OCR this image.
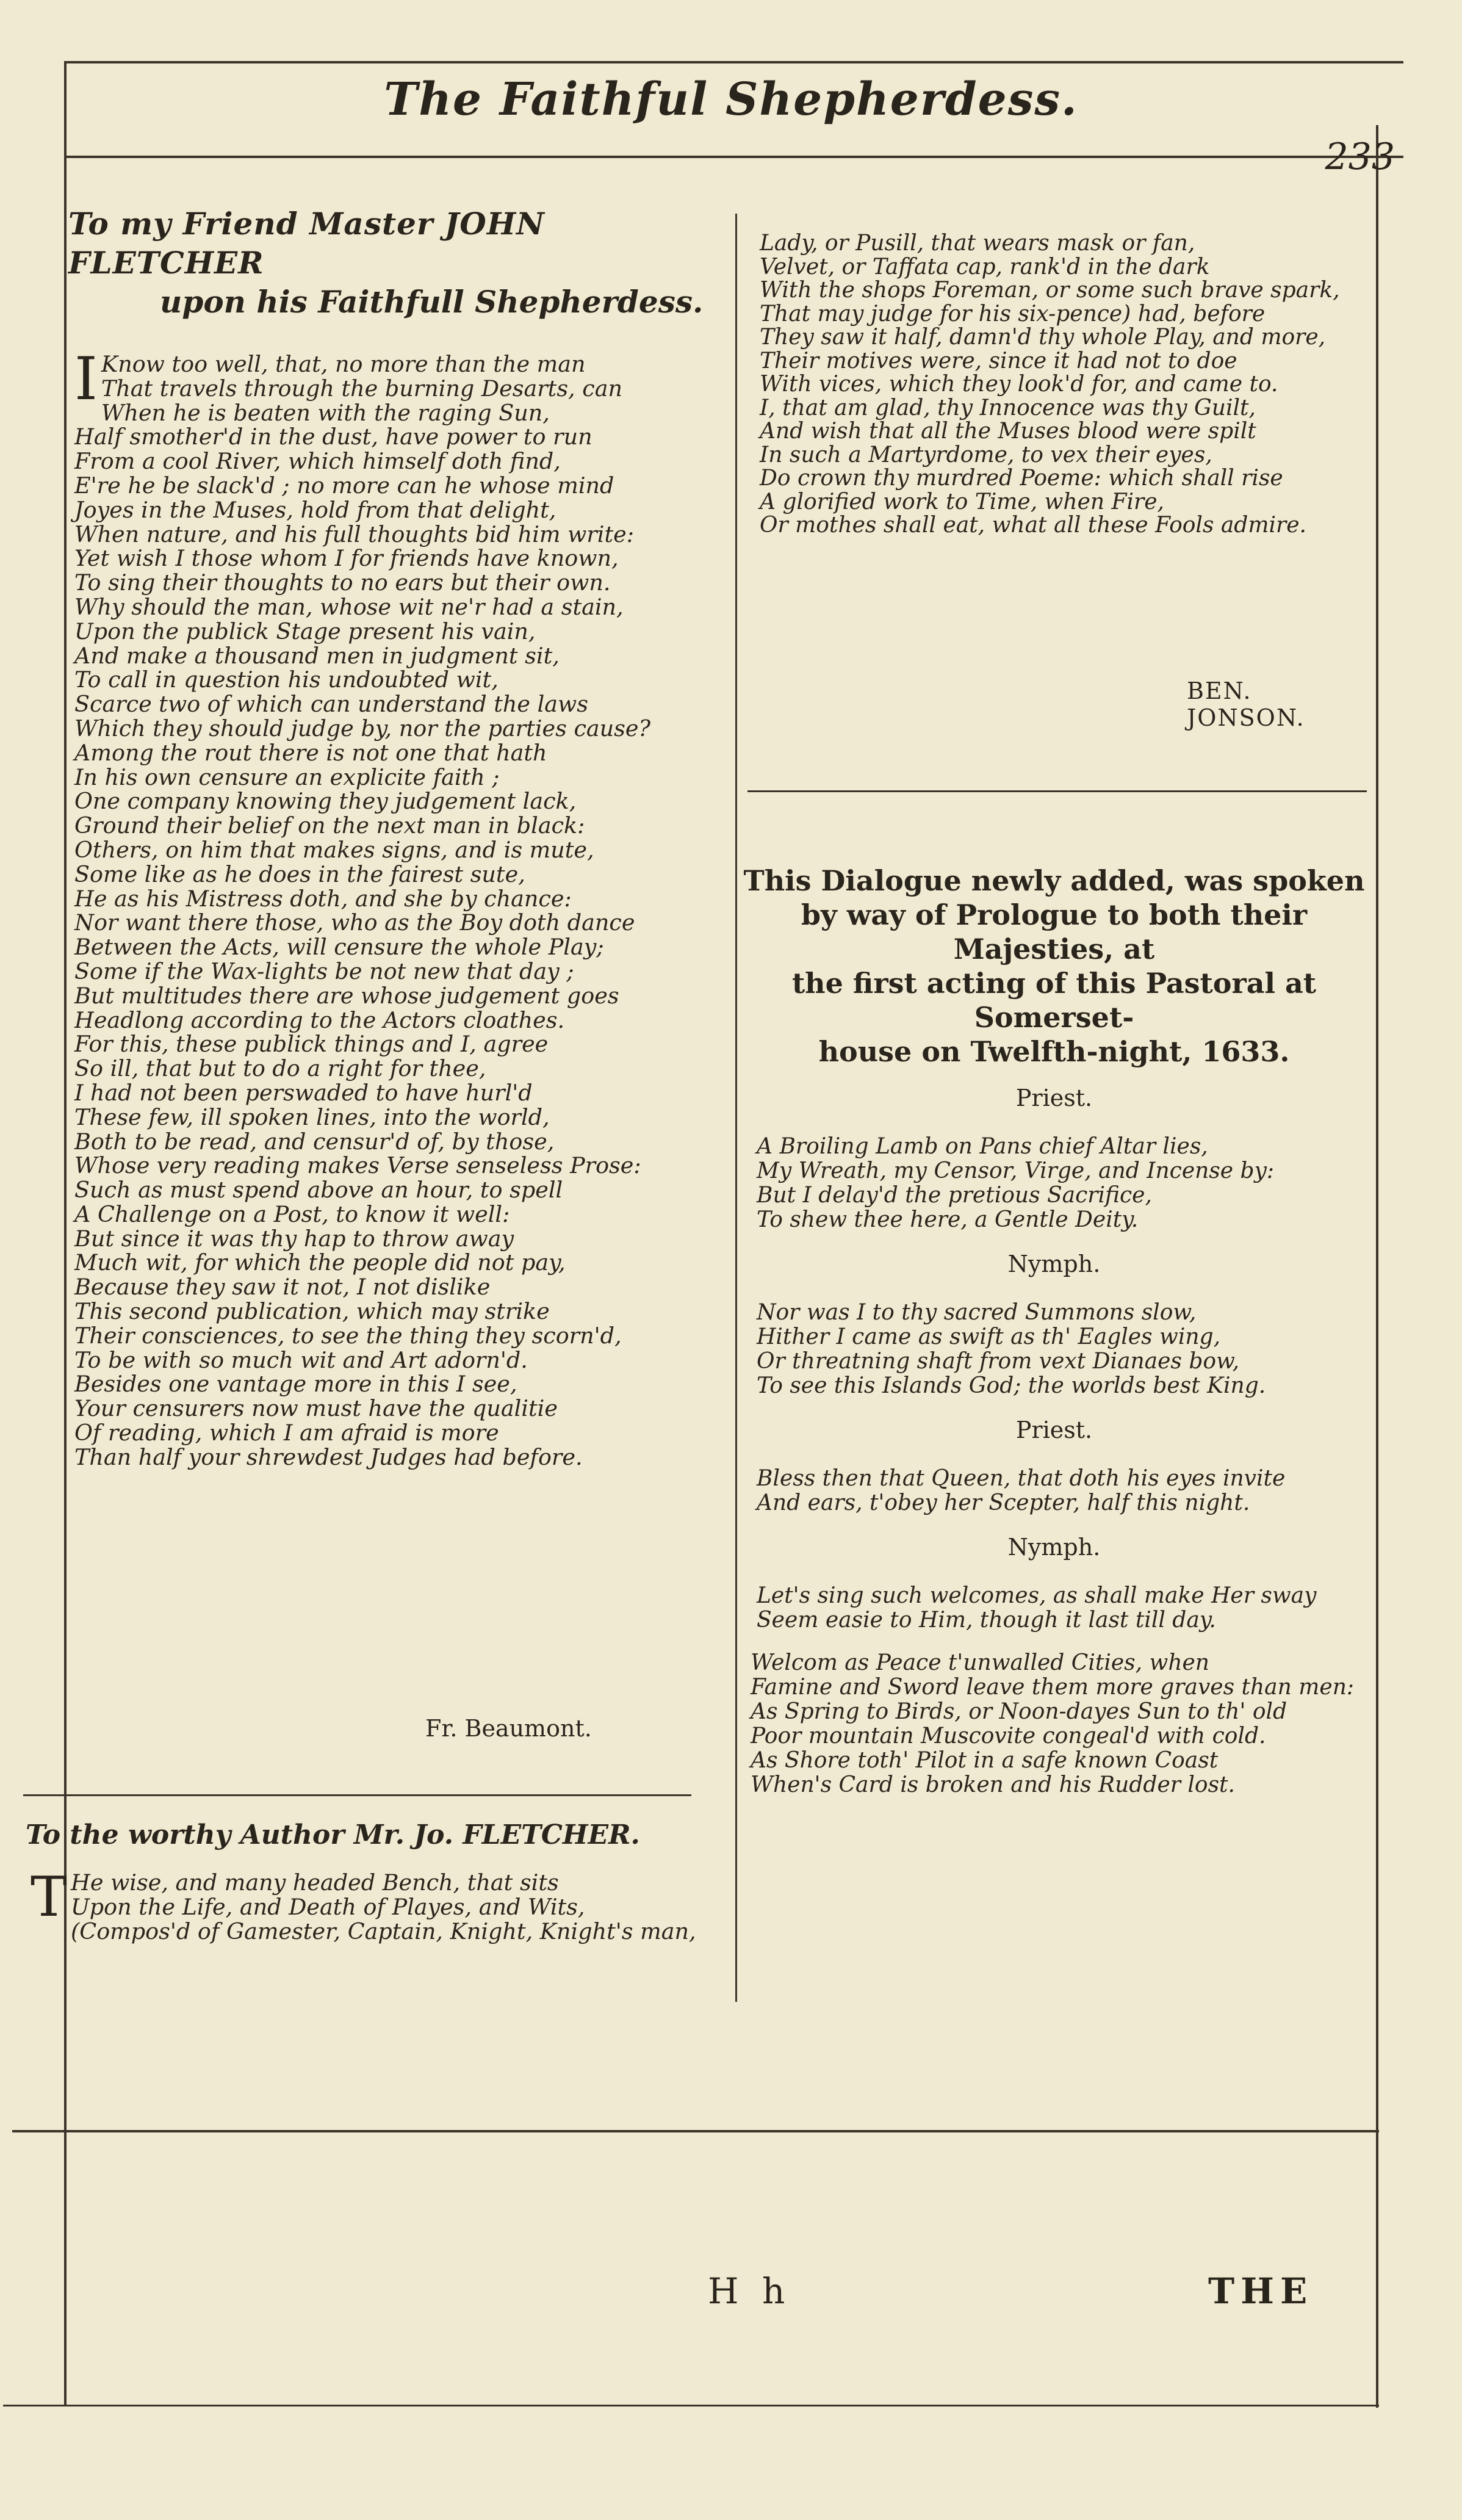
The Faithful Shepherdess.
233
To my Friend Master JOHN FLETCHER
upon his Faithfull Shepherdess.
I Know too well, that, no more than the man
That travels through the burning Desarts, can
When he is beaten with the raging Sun,
Half smother'd in the dust, have power to run
From a cool River, which himself doth find,
E're he be slack'd ; no more can he whose mind
Joyes in the Muses, hold from that delight,
When nature, and his full thoughts bid him write:
Yet wish I those whom I for friends have known,
To sing their thoughts to no ears but their own.
Why should the man, whose wit ne'r had a stain,
Upon the publick Stage present his vain,
And make a thousand men in judgment sit,
To call in question his undoubted wit,
Scarce two of which can understand the laws
Which they should judge by, nor the parties cause?
Among the rout there is not one that hath
In his own censure an explicite faith ;
One company knowing they judgement lack,
Ground their belief on the next man in black:
Others, on him that makes signs, and is mute,
Some like as he does in the fairest sute,
He as his Mistress doth, and she by chance:
Nor want there those, who as the Boy doth dance
Between the Acts, will censure the whole Play;
Some if the Wax-lights be not new that day ;
But multitudes there are whose judgement goes
Headlong according to the Actors cloathes.
For this, these publick things and I, agree
So ill, that but to do a right for thee,
I had not been perswaded to have hurl'd
These few, ill spoken lines, into the world,
Both to be read, and censur'd of, by those,
Whose very reading makes Verse senseless Prose:
Such as must spend above an hour, to spell
A Challenge on a Post, to know it well:
But since it was thy hap to throw away
Much wit, for which the people did not pay,
Because they saw it not, I not dislike
This second publication, which may strike
Their consciences, to see the thing they scorn'd,
To be with so much wit and Art adorn'd.
Besides one vantage more in this I see,
Your censurers now must have the qualitie
Of reading, which I am afraid is more
Than half your shrewdest Judges had before.
Fr. Beaumont.
To the worthy Author Mr. Jo. FLETCHER.
T He wise, and many headed Bench, that sits
Upon the Life, and Death of Playes, and Wits,
(Compos'd of Gamester, Captain, Knight, Knight's man,
Lady, or Pusill, that wears mask or fan,
Velvet, or Taffata cap, rank'd in the dark
With the shops Foreman, or some such brave spark,
That may judge for his six-pence) had, before
They saw it half, damn'd thy whole Play, and more,
Their motives were, since it had not to doe
With vices, which they look'd for, and came to.
I, that am glad, thy Innocence was thy Guilt,
And wish that all the Muses blood were spilt
In such a Martyrdome, to vex their eyes,
Do crown thy murdred Poeme: which shall rise
A glorified work to Time, when Fire,
Or mothes shall eat, what all these Fools admire.
BEN. JONSON.
This Dialogue newly added, was spoken
by way of Prologue to both their Majesties, at
the first acting of this Pastoral at Somerset-
house on Twelfth-night, 1633.
Priest.
A Broiling Lamb on Pans chief Altar lies,
My Wreath, my Censor, Virge, and Incense by:
But I delay'd the pretious Sacrifice,
To shew thee here, a Gentle Deity.
Nymph.
Nor was I to thy sacred Summons slow,
Hither I came as swift as th' Eagles wing,
Or threatning shaft from vext Dianaes bow,
To see this Islands God; the worlds best King.
Priest.
Bless then that Queen, that doth his eyes invite
And ears, t'obey her Scepter, half this night.
Nymph.
Let's sing such welcomes, as shall make Her sway
Seem easie to Him, though it last till day.
Welcom as Peace t'unwalled Cities, when
Famine and Sword leave them more graves than men:
As Spring to Birds, or Noon-dayes Sun to th' old
Poor mountain Muscovite congeal'd with cold.
As Shore toth' Pilot in a safe known Coast
When's Card is broken and his Rudder lost.
H h	THE
